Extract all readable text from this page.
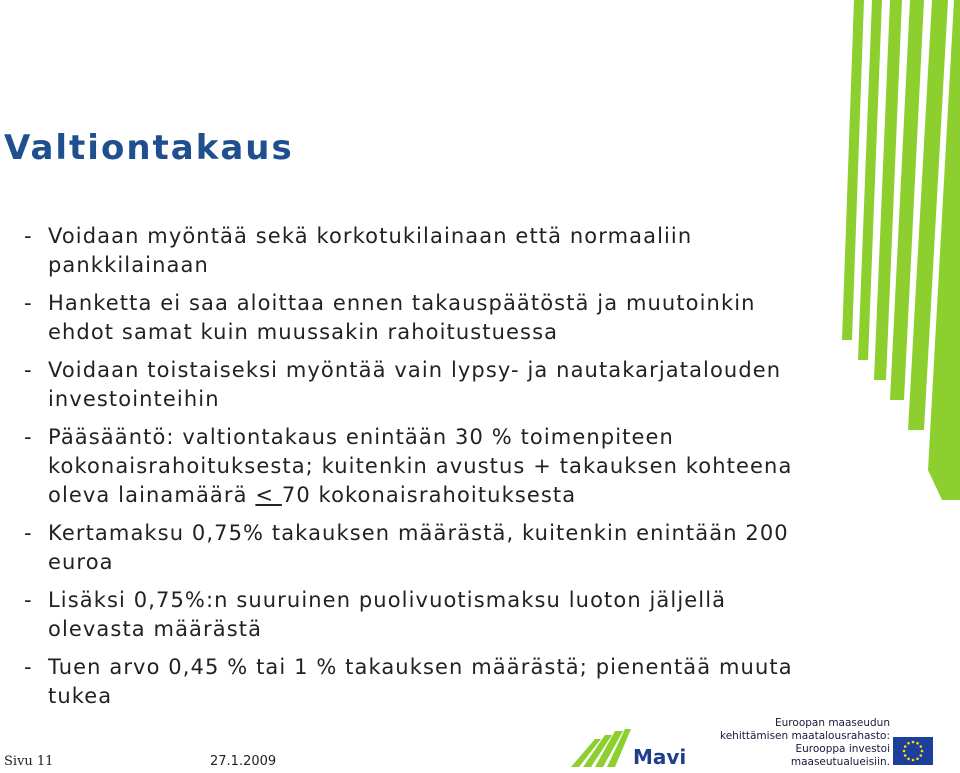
Valtiontakaus
- Voidaan myöntää sekä korkotukilainaan että normaaliin pankkilainaan
- Hanketta ei saa aloittaa ennen takauspäätöstä ja muutoinkin ehdot samat kuin muussakin rahoitustuessa
- Voidaan toistaiseksi myöntää vain lypsy- ja nautakarjatalouden investointeihin
- Pääsääntö: valtiontakaus enintään 30 % toimenpiteen kokonaisrahoituksesta; kuitenkin avustus + takauksen kohteena oleva lainamäärä < 70 kokonaisrahoituksesta
- Kertamaksu 0,75% takauksen määrästä, kuitenkin enintään 200 euroa
- Lisäksi 0,75%:n suuruinen puolivuotismaksu luoton jäljellä olevasta määrästä
- Tuen arvo 0,45 % tai 1 % takauksen määrästä; pienentää muuta tukea
Sivu 11	27.1.2009	Mavi
Euroopan maaseudun
kehittämisen maatalousrahasto:
Eurooppa investoi maaseutualueisiin.
